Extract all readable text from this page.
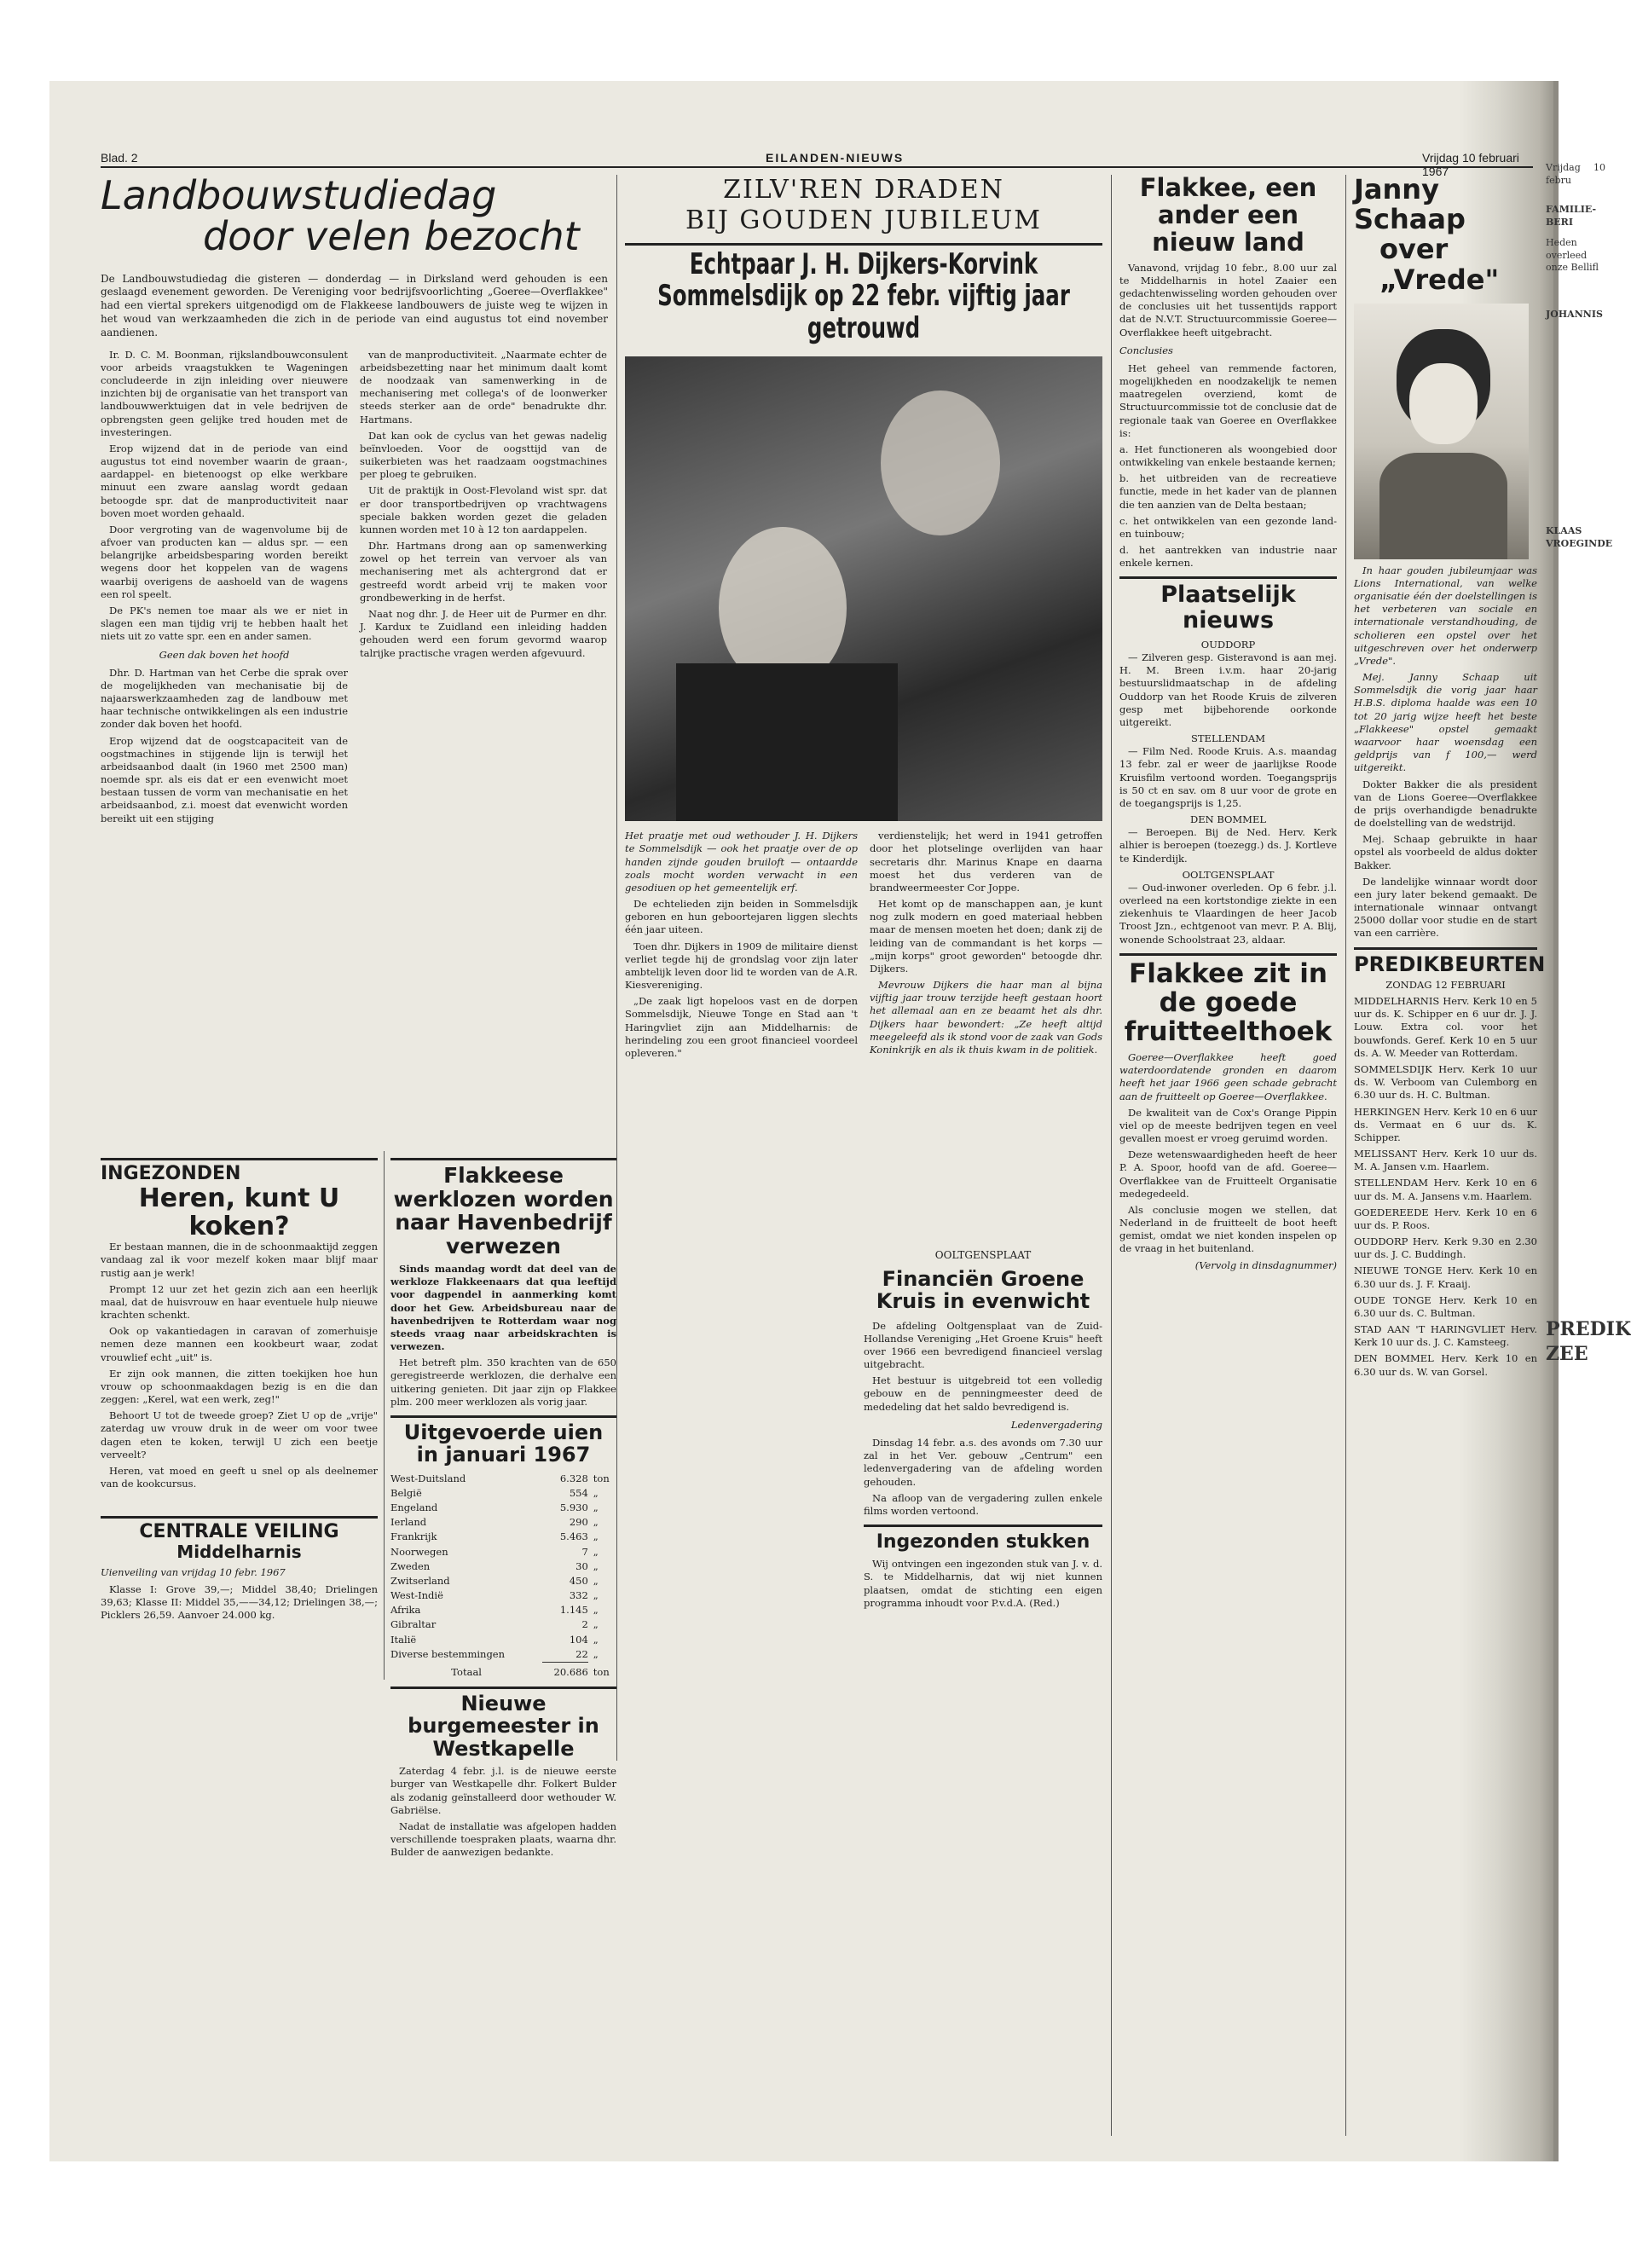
Blad. 2	EILANDEN-NIEUWS	Vrijdag 10 februari 1967
Landbouwstudiedag
door velen bezocht

De Landbouwstudiedag die gisteren — donderdag — in Dirksland werd gehouden is een geslaagd evenement geworden. De Vereniging voor bedrijfsvoorlichting „Goeree—Overflakkee" had een viertal sprekers uitgenodigd om de Flakkeese landbouwers de juiste weg te wijzen in het woud van werkzaamheden die zich in de periode van eind augustus tot eind november aandienen.

Ir. D. C. M. Boonman, rijkslandbouwconsulent voor arbeids vraagstukken te Wageningen concludeerde in zijn inleiding over nieuwere inzichten bij de organisatie van het transport van landbouwwerktuigen dat in vele bedrijven de opbrengsten geen gelijke tred houden met de investeringen.

Erop wijzend dat in de periode van eind augustus tot eind november waarin de graan-, aardappel- en bietenoogst op elke werkbare minuut een zware aanslag wordt gedaan betoogde spr. dat de manproductiviteit naar boven moet worden gehaald.

Door vergroting van de wagenvolume bij de afvoer van producten kan — aldus spr. — een belangrijke arbeidsbesparing worden bereikt wegens door het koppelen van de wagens waarbij overigens de aashoeld van de wagens een rol speelt.

De PK's nemen toe maar als we er niet in slagen een man tijdig vrij te hebben haalt het niets uit zo vatte spr. een en ander samen.

Geen dak boven het hoofd

Dhr. D. Hartman van het Cerbe die sprak over de mogelijkheden van mechanisatie bij de najaarswerkzaamheden zag de landbouw met haar technische ontwikkelingen als een industrie zonder dak boven het hoofd.

Erop wijzend dat de oogstcapaciteit van de oogstmachines in stijgende lijn is terwijl het arbeidsaanbod daalt (in 1960 met 2500 man) noemde spr. als eis dat er een evenwicht moet bestaan tussen de vorm van mechanisatie en het arbeidsaanbod, z.i. moest dat evenwicht worden bereikt uit een stijging

van de manproductiviteit. „Naarmate echter de arbeidsbezetting naar het minimum daalt komt de noodzaak van samenwerking in de mechanisering met collega's of de loonwerker steeds sterker aan de orde" benadrukte dhr. Hartmans.

Dat kan ook de cyclus van het gewas nadelig beïnvloeden. Voor de oogsttijd van de suikerbieten was het raadzaam oogstmachines per ploeg te gebruiken.

Uit de praktijk in Oost-Flevoland wist spr. dat er door transportbedrijven op vrachtwagens speciale bakken worden gezet die geladen kunnen worden met 10 à 12 ton aardappelen.

Dhr. Hartmans drong aan op samenwerking zowel op het terrein van vervoer als van mechanisering met als achtergrond dat er gestreefd wordt arbeid vrij te maken voor grondbewerking in de herfst.

Naat nog dhr. J. de Heer uit de Purmer en dhr. J. Kardux te Zuidland een inleiding hadden gehouden werd een forum gevormd waarop talrijke practische vragen werden afgevuurd.

ZILV'REN DRADEN
BIJ GOUDEN JUBILEUM
Echtpaar J. H. Dijkers-Korvink Sommelsdijk op 22 febr. vijftig jaar getrouwd

Het praatje met oud wethouder J. H. Dijkers te Sommelsdijk — ook het praatje over de op handen zijnde gouden bruiloft — ontaardde zoals mocht worden verwacht in een gesodiuen op het gemeentelijk erf.

De echtelieden zijn beiden in Sommelsdijk geboren en hun geboortejaren liggen slechts één jaar uiteen.

Toen dhr. Dijkers in 1909 de militaire dienst verliet tegde hij de grondslag voor zijn later ambtelijk leven door lid te worden van de A.R. Kiesvereniging.

„De zaak ligt hopeloos vast en de dorpen Sommelsdijk, Nieuwe Tonge en Stad aan 't Haringvliet zijn aan Middelharnis: de herindeling zou een groot financieel voordeel opleveren."

verdienstelijk; het werd in 1941 getroffen door het plotselinge overlijden van haar secretaris dhr. Marinus Knape en daarna moest het dus verderen van de brandweermeester Cor Joppe.

Het komt op de manschappen aan, je kunt nog zulk modern en goed materiaal hebben maar de mensen moeten het doen; dank zij de leiding van de commandant is het korps — „mijn korps" groot geworden" betoogde dhr. Dijkers.

Mevrouw Dijkers die haar man al bijna vijftig jaar trouw terzijde heeft gestaan hoort het allemaal aan en ze beaamt het als dhr. Dijkers haar bewondert: „Ze heeft altijd meegeleefd als ik stond voor de zaak van Gods Koninkrijk en als ik thuis kwam in de politiek.

OOLTGENSPLAAT
Financiën Groene Kruis in evenwicht

De afdeling Ooltgensplaat van de Zuid-Hollandse Vereniging „Het Groene Kruis" heeft over 1966 een bevredigend financieel verslag uitgebracht.

Het bestuur is uitgebreid tot een volledig gebouw en de penningmeester deed de mededeling dat het saldo bevredigend is.

Ledenvergadering

Dinsdag 14 febr. a.s. des avonds om 7.30 uur zal in het Ver. gebouw „Centrum" een ledenvergadering van de afdeling worden gehouden.

Na afloop van de vergadering zullen enkele films worden vertoond.

Ingezonden stukken

Wij ontvingen een ingezonden stuk van J. v. d. S. te Middelharnis, dat wij niet kunnen plaatsen, omdat de stichting een eigen programma inhoudt voor P.v.d.A. (Red.)

INGEZONDEN
Heren, kunt U koken?

Er bestaan mannen, die in de schoonmaaktijd zeggen vandaag zal ik voor mezelf koken maar blijf maar rustig aan je werk!

Prompt 12 uur zet het gezin zich aan een heerlijk maal, dat de huisvrouw en haar eventuele hulp nieuwe krachten schenkt.

Ook op vakantiedagen in caravan of zomerhuisje nemen deze mannen een kookbeurt waar, zodat vrouwlief echt „uit" is.

Er zijn ook mannen, die zitten toekijken hoe hun vrouw op schoonmaakdagen bezig is en die dan zeggen: „Kerel, wat een werk, zeg!"

Behoort U tot de tweede groep? Ziet U op de „vrije" zaterdag uw vrouw druk in de weer om voor twee dagen eten te koken, terwijl U zich een beetje verveelt?

Heren, vat moed en geeft u snel op als deelnemer van de kookcursus.

CENTRALE VEILING
Middelharnis

Uienveiling van vrijdag 10 febr. 1967

Klasse I: Grove 39,—; Middel 38,40; Drielingen 39,63; Klasse II: Middel 35,——34,12; Drielingen 38,—; Picklers 26,59. Aanvoer 24.000 kg.

Flakkeese werklozen worden naar Havenbedrijf verwezen

Sinds maandag wordt dat deel van de werkloze Flakkeenaars dat qua leeftijd voor dagpendel in aanmerking komt door het Gew. Arbeidsbureau naar de havenbedrijven te Rotterdam waar nog steeds vraag naar arbeidskrachten is verwezen.

Het betreft plm. 350 krachten van de 650 geregistreerde werklozen, die derhalve een uitkering genieten. Dit jaar zijn op Flakkee plm. 200 meer werklozen als vorig jaar.

Uitgevoerde uien in januari 1967
West-Duitsland	6.328	ton
België	554	„
Engeland	5.930	„
Ierland	290	„
Frankrijk	5.463	„
Noorwegen	7	„
Zweden	30	„
Zwitserland	450	„
West-Indië	332	„
Afrika	1.145	„
Gibraltar	2	„
Italië	104	„
Diverse bestemmingen	22	„
Totaal	20.686	ton
Nieuwe burgemeester in Westkapelle

Zaterdag 4 febr. j.l. is de nieuwe eerste burger van Westkapelle dhr. Folkert Bulder als zodanig geïnstalleerd door wethouder W. Gabriëlse.

Nadat de installatie was afgelopen hadden verschillende toespraken plaats, waarna dhr. Bulder de aanwezigen bedankte.

Flakkee, een ander een nieuw land

Vanavond, vrijdag 10 febr., 8.00 uur zal te Middelharnis in hotel Zaaier een gedachtenwisseling worden gehouden over de conclusies uit het tussentijds rapport dat de N.V.T. Structuurcommissie Goeree—Overflakkee heeft uitgebracht.

Conclusies

Het geheel van remmende factoren, mogelijkheden en noodzakelijk te nemen maatregelen overziend, komt de Structuurcommissie tot de conclusie dat de regionale taak van Goeree en Overflakkee is:

a. Het functioneren als woongebied door ontwikkeling van enkele bestaande kernen;

b. het uitbreiden van de recreatieve functie, mede in het kader van de plannen die ten aanzien van de Delta bestaan;

c. het ontwikkelen van een gezonde land- en tuinbouw;

d. het aantrekken van industrie naar enkele kernen.

Plaatselijk nieuws
OUDDORP

— Zilveren gesp. Gisteravond is aan mej. H. M. Breen i.v.m. haar 20-jarig bestuurslidmaatschap in de afdeling Ouddorp van het Roode Kruis de zilveren gesp met bijbehorende oorkonde uitgereikt.

STELLENDAM

— Film Ned. Roode Kruis. A.s. maandag 13 febr. zal er weer de jaarlijkse Roode Kruisfilm vertoond worden. Toegangsprijs is 50 ct en sav. om 8 uur voor de grote en de toegangsprijs is 1,25.

DEN BOMMEL

— Beroepen. Bij de Ned. Herv. Kerk alhier is beroepen (toezegg.) ds. J. Kortleve te Kinderdijk.

OOLTGENSPLAAT

— Oud-inwoner overleden. Op 6 febr. j.l. overleed na een kortstondige ziekte in een ziekenhuis te Vlaardingen de heer Jacob Troost Jzn., echtgenoot van mevr. P. A. Blij, wonende Schoolstraat 23, aldaar.

Flakkee zit in de goede fruitteelthoek

Goeree—Overflakkee heeft goed waterdoordatende gronden en daarom heeft het jaar 1966 geen schade gebracht aan de fruitteelt op Goeree—Overflakkee.

De kwaliteit van de Cox's Orange Pippin viel op de meeste bedrijven tegen en veel gevallen moest er vroeg geruimd worden.

Deze wetenswaardigheden heeft de heer P. A. Spoor, hoofd van de afd. Goeree—Overflakkee van de Fruitteelt Organisatie medegedeeld.

Als conclusie mogen we stellen, dat Nederland in de fruitteelt de boot heeft gemist, omdat we niet konden inspelen op de vraag in het buitenland.

(Vervolg in dinsdagnummer)

Janny Schaap
over „Vrede"

In haar gouden jubileumjaar was Lions International, van welke organisatie één der doelstellingen is het verbeteren van sociale en internationale verstandhouding, de scholieren een opstel over het uitgeschreven over het onderwerp „Vrede".

Mej. Janny Schaap uit Sommelsdijk die vorig jaar haar H.B.S. diploma haalde was een 10 tot 20 jarig wijze heeft het beste „Flakkeese" opstel gemaakt waarvoor haar woensdag een geldprijs van f 100,— werd uitgereikt.

Dokter Bakker die als president van de Lions Goeree—Overflakkee de prijs overhandigde benadrukte de doelstelling van de wedstrijd.

Mej. Schaap gebruikte in haar opstel als voorbeeld de aldus dokter Bakker.

De landelijke winnaar wordt door een jury later bekend gemaakt. De internationale winnaar ontvangt 25000 dollar voor studie en de start van een carrière.

PREDIKBEURTEN
ZONDAG 12 FEBRUARI

MIDDELHARNIS Herv. Kerk 10 en 5 uur ds. K. Schipper en 6 uur dr. J. J. Louw. Extra col. voor het bouwfonds. Geref. Kerk 10 en 5 uur ds. A. W. Meeder van Rotterdam.

SOMMELSDIJK Herv. Kerk 10 uur ds. W. Verboom van Culemborg en 6.30 uur ds. H. C. Bultman.

HERKINGEN Herv. Kerk 10 en 6 uur ds. Vermaat en 6 uur ds. K. Schipper.

MELISSANT Herv. Kerk 10 uur ds. M. A. Jansen v.m. Haarlem.

STELLENDAM Herv. Kerk 10 en 6 uur ds. M. A. Jansens v.m. Haarlem.

GOEDEREEDE Herv. Kerk 10 en 6 uur ds. P. Roos.

OUDDORP Herv. Kerk 9.30 en 2.30 uur ds. J. C. Buddingh.

NIEUWE TONGE Herv. Kerk 10 en 6.30 uur ds. J. F. Kraaij.

OUDE TONGE Herv. Kerk 10 en 6.30 uur ds. C. Bultman.

STAD AAN 'T HARINGVLIET Herv. Kerk 10 uur ds. J. C. Kamsteeg.

DEN BOMMEL Herv. Kerk 10 en 6.30 uur ds. W. van Gorsel.

Vrijdag 10 febru
FAMILIE-BERI
Heden overleed
onze Bellifl
JOHANNIS
KLAAS
VROEGINDE
PREDIK
ZEE
